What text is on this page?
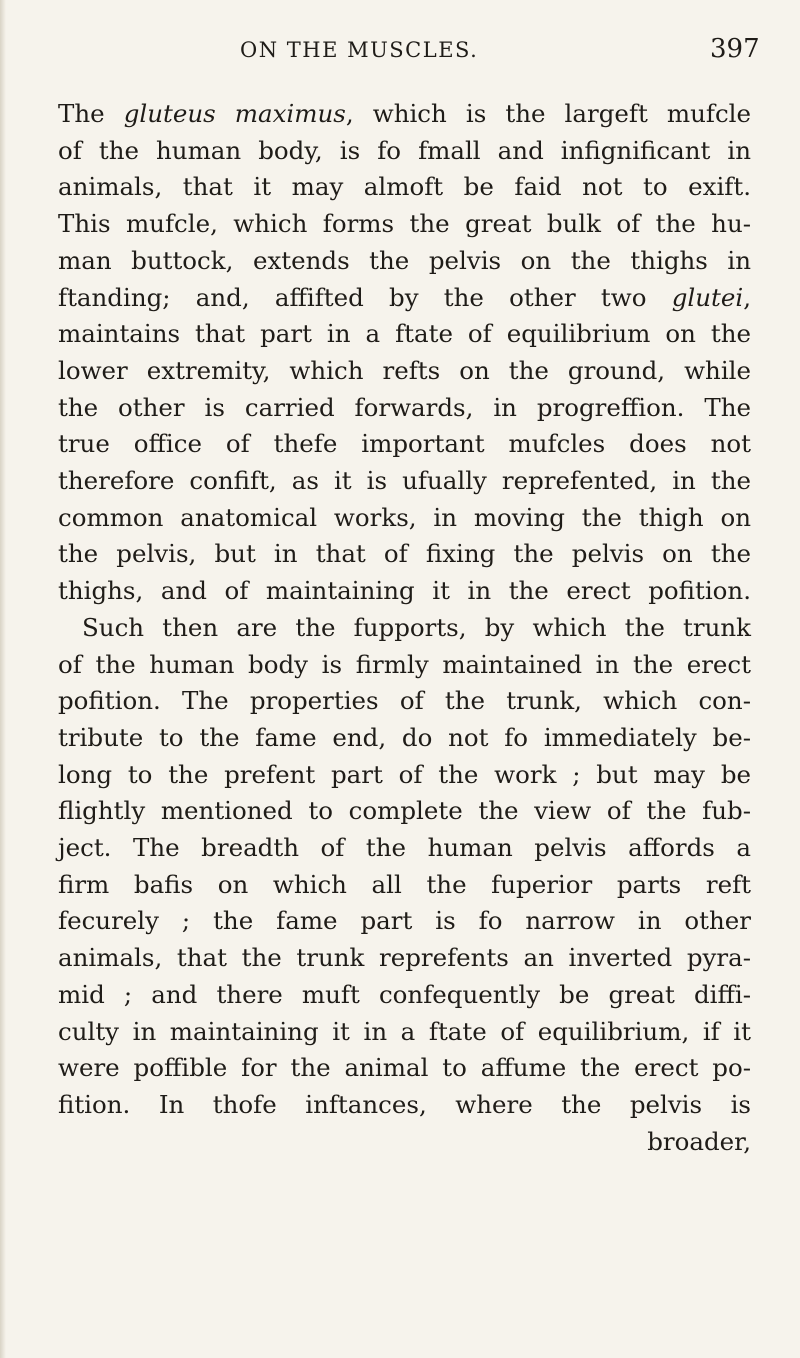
ON THE MUSCLES.	397

The gluteus maximus, which is the largeft mufcle
of the human body, is fo fmall and infignificant in
animals, that it may almoft be faid not to exift.
This mufcle, which forms the great bulk of the hu-
man buttock, extends the pelvis on the thighs in
ftanding; and, affifted by the other two glutei,
maintains that part in a ftate of equilibrium on the
lower extremity, which refts on the ground, while
the other is carried forwards, in progreffion. The
true office of thefe important mufcles does not
therefore confift, as it is ufually reprefented, in the
common anatomical works, in moving the thigh on
the pelvis, but in that of fixing the pelvis on the
thighs, and of maintaining it in the erect pofition.
Such then are the fupports, by which the trunk
of the human body is firmly maintained in the erect
pofition. The properties of the trunk, which con-
tribute to the fame end, do not fo immediately be-
long to the prefent part of the work ; but may be
flightly mentioned to complete the view of the fub-
ject. The breadth of the human pelvis affords a
firm bafis on which all the fuperior parts reft
fecurely ; the fame part is fo narrow in other
animals, that the trunk reprefents an inverted pyra-
mid ; and there muft confequently be great diffi-
culty in maintaining it in a ftate of equilibrium, if it
were poffible for the animal to affume the erect po-
fition. In thofe inftances, where the pelvis is
broader,
